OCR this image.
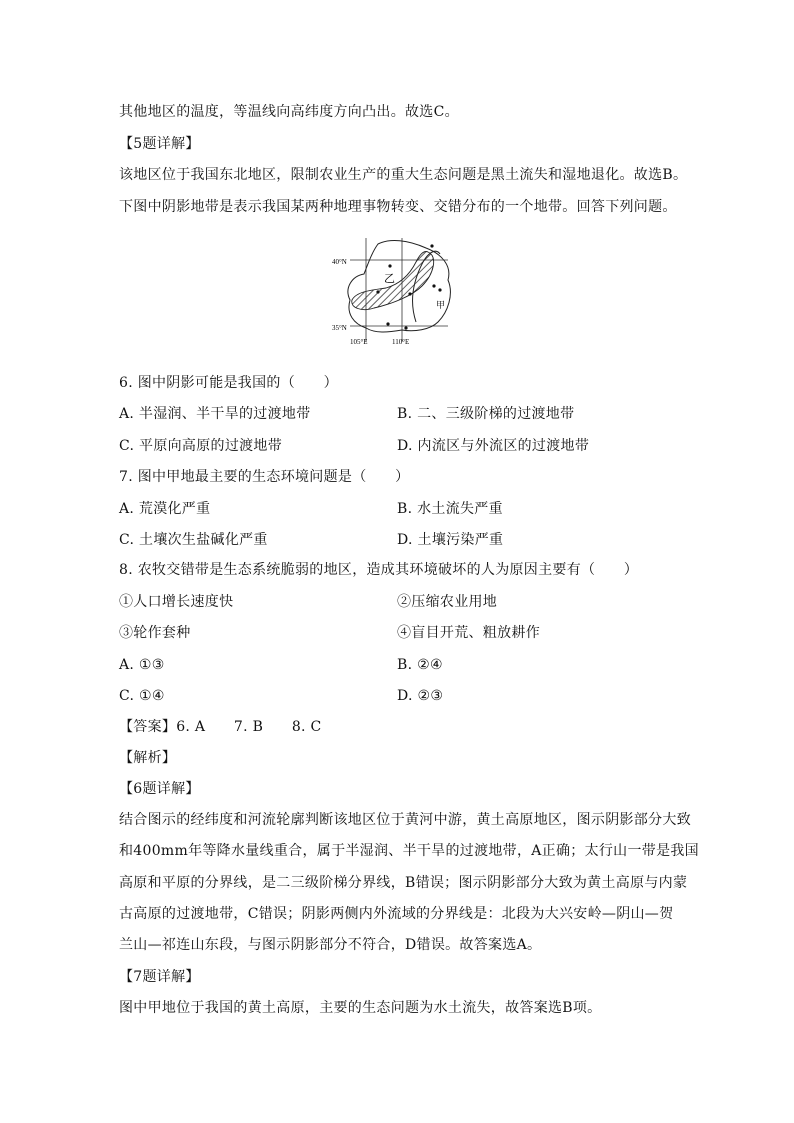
其他地区的温度，等温线向高纬度方向凸出。故选C。
【5题详解】
该地区位于我国东北地区，限制农业生产的重大生态问题是黑土流失和湿地退化。故选B。
下图中阴影地带是表示我国某两种地理事物转变、交错分布的一个地带。回答下列问题。
乙
甲
40°N
35°N
105°E	110°E
6. 图中阴影可能是我国的（　　）
A. 半湿润、半干旱的过渡地带	B. 二、三级阶梯的过渡地带
C. 平原向高原的过渡地带	D. 内流区与外流区的过渡地带
7. 图中甲地最主要的生态环境问题是（　　）
A. 荒漠化严重	B. 水土流失严重
C. 土壤次生盐碱化严重	D. 土壤污染严重
8. 农牧交错带是生态系统脆弱的地区，造成其环境破坏的人为原因主要有（　　）
①人口增长速度快	②压缩农业用地
③轮作套种	④盲目开荒、粗放耕作
A. ①③	B. ②④
C. ①④	D. ②③
【答案】6. A　　7. B　　8. C
【解析】
【6题详解】
结合图示的经纬度和河流轮廓判断该地区位于黄河中游，黄土高原地区，图示阴影部分大致
和400mm年等降水量线重合，属于半湿润、半干旱的过渡地带，A正确；太行山一带是我国
高原和平原的分界线，是二三级阶梯分界线，B错误；图示阴影部分大致为黄土高原与内蒙
古高原的过渡地带，C错误；阴影两侧内外流域的分界线是：北段为大兴安岭—阴山—贺
兰山—祁连山东段，与图示阴影部分不符合，D错误。故答案选A。
【7题详解】
图中甲地位于我国的黄土高原，主要的生态问题为水土流失，故答案选B项。
